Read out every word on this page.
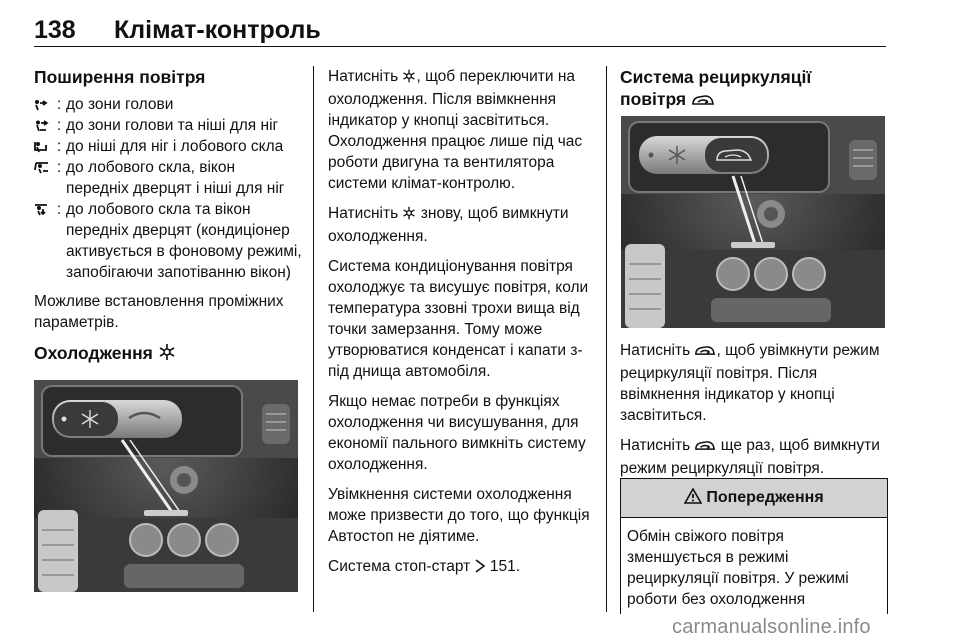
138 Клімат-контроль
Поширення повітря
: до зони голови
: до зони голови та ніші для ніг
: до ніші для ніг і лобового скла
: до лобового скла, вікон передніх дверцят і ніші для ніг
: до лобового скла та вікон передніх дверцят (кондиціонер активується в фоновому режимі, запобігаючи запотіванню вікон)

Можливе встановлення проміжних параметрів.

Охолодження

Натисніть , щоб переключити на охолодження. Після ввімкнення індикатор у кнопці засвітиться. Охолодження працює лише під час роботи двигуна та вентилятора системи клімат-контролю.

Натисніть  знову, щоб вимкнути охолодження.

Система кондиціонування повітря охолоджує та висушує повітря, коли температура ззовні трохи вища від точки замерзання. Тому може утворюватися конденсат і капати з-під днища автомобіля.

Якщо немає потреби в функціях охолодження чи висушування, для економії пального вимкніть систему охолодження.

Увімкнення системи охолодження може призвести до того, що функція Автостоп не діятиме.

Система стоп-старт 151.

Система рециркуляції
повітря

Натисніть , щоб увімкнути режим рециркуляції повітря. Після ввімкнення індикатор у кнопці засвітиться.

Натисніть  ще раз, щоб вимкнути режим рециркуляції повітря.

Попередження
Обмін свіжого повітря зменшується в режимі рециркуляції повітря. У режимі роботи без охолодження
carmanualsonline.info
